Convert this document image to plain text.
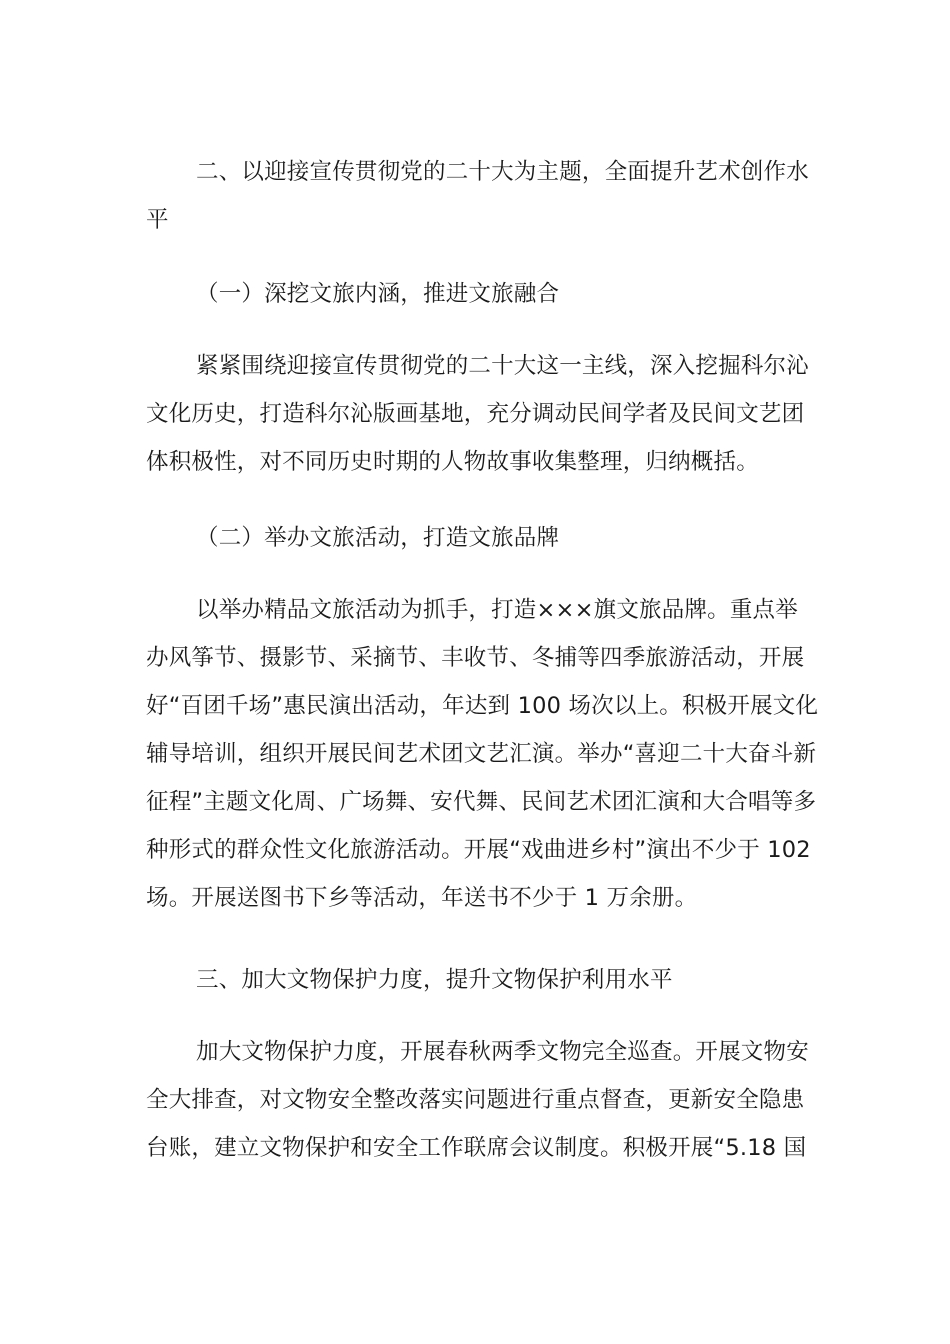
二、以迎接宣传贯彻党的二十大为主题，全面提升艺术创作水
平
（一）深挖文旅内涵，推进文旅融合
紧紧围绕迎接宣传贯彻党的二十大这一主线，深入挖掘科尔沁
文化历史，打造科尔沁版画基地，充分调动民间学者及民间文艺团
体积极性，对不同历史时期的人物故事收集整理，归纳概括。
（二）举办文旅活动，打造文旅品牌
以举办精品文旅活动为抓手，打造×××旗文旅品牌。重点举
办风筝节、摄影节、采摘节、丰收节、冬捕等四季旅游活动，开展
好“百团千场”惠民演出活动，年达到 100 场次以上。积极开展文化
辅导培训，组织开展民间艺术团文艺汇演。举办“喜迎二十大奋斗新
征程”主题文化周、广场舞、安代舞、民间艺术团汇演和大合唱等多
种形式的群众性文化旅游活动。开展“戏曲进乡村”演出不少于 102
场。开展送图书下乡等活动，年送书不少于 1 万余册。
三、加大文物保护力度，提升文物保护利用水平
加大文物保护力度，开展春秋两季文物完全巡查。开展文物安
全大排查，对文物安全整改落实问题进行重点督查，更新安全隐患
台账，建立文物保护和安全工作联席会议制度。积极开展“5.18 国
